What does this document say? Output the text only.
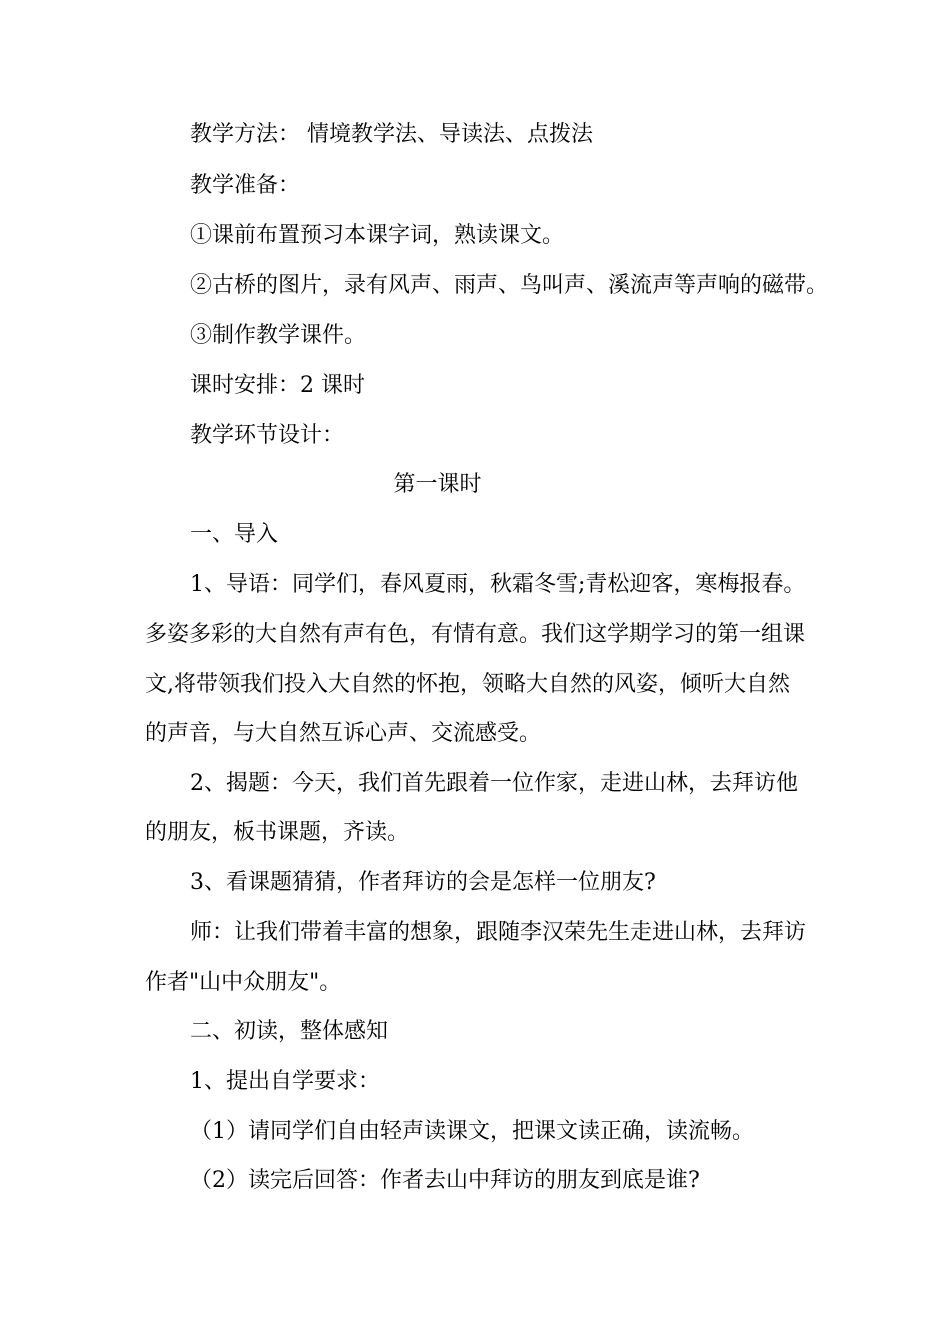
教学方法： 情境教学法、导读法、点拨法
教学准备：
①课前布置预习本课字词，熟读课文。
②古桥的图片，录有风声、雨声、鸟叫声、溪流声等声响的磁带。
③制作教学课件。
课时安排：2 课时
教学环节设计：
第一课时
一、导入
1、导语：同学们，春风夏雨，秋霜冬雪;青松迎客，寒梅报春。
多姿多彩的大自然有声有色，有情有意。我们这学期学习的第一组课
文,将带领我们投入大自然的怀抱，领略大自然的风姿，倾听大自然
的声音，与大自然互诉心声、交流感受。
2、揭题：今天，我们首先跟着一位作家，走进山林，去拜访他
的朋友，板书课题，齐读。
3、看课题猜猜，作者拜访的会是怎样一位朋友?
师：让我们带着丰富的想象，跟随李汉荣先生走进山林，去拜访
作者"山中众朋友"。
二、初读，整体感知
1、提出自学要求：
（1）请同学们自由轻声读课文，把课文读正确，读流畅。
（2）读完后回答：作者去山中拜访的朋友到底是谁?
